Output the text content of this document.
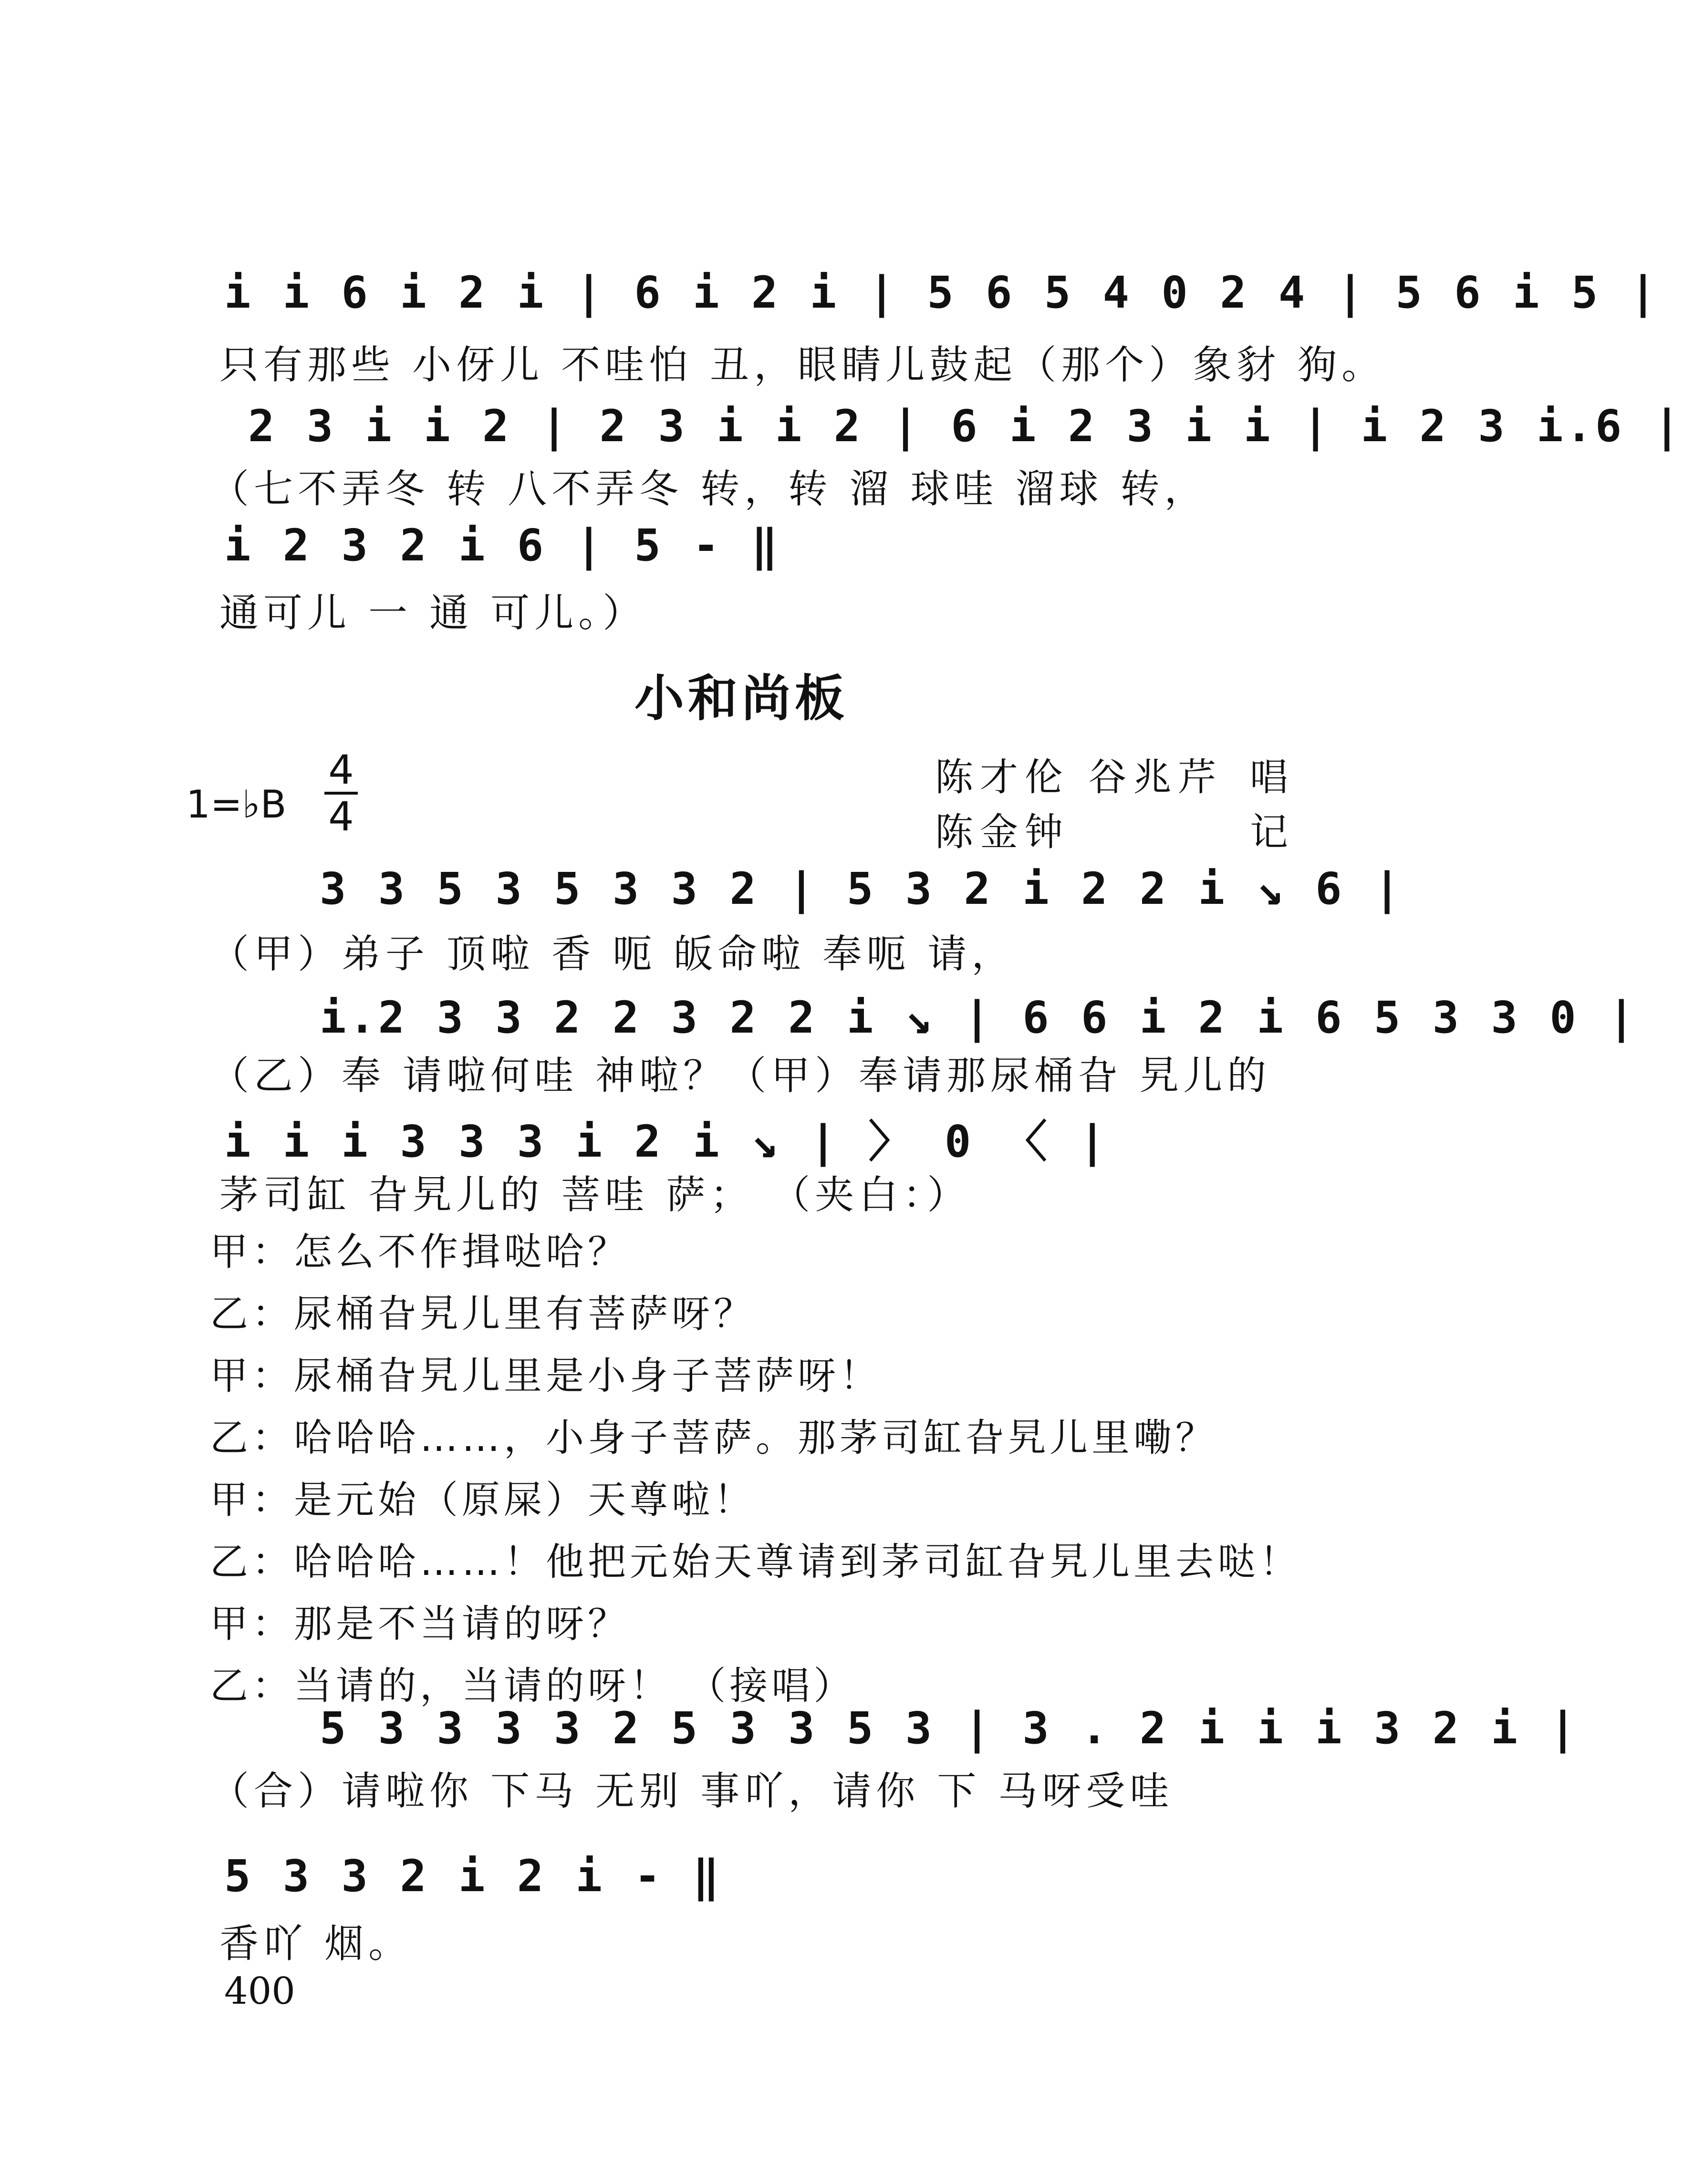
i i 6 i 2 i | 6 i 2 i | 5 6 5 4 0 2 4 | 5 6 i 5 |
只有那些 小伢儿 不哇怕 丑，眼睛儿鼓起（那个）象豺 狗。
2 3 i i 2 | 2 3 i i 2 | 6 i 2 3 i i | i 2 3 i.6 |
（七不弄冬 转 八不弄冬 转，转 溜 球哇 溜球 转，
i 2 3 2 i 6 | 5 - ‖
通可儿 一 通 可儿。）
小和尚板
1=♭B
4
4
陈才伦 谷兆芹 唱
陈金钟	记
3 3 5 3 5 3 3 2 | 5 3 2 i 2 2 i ↘ 6 |
（甲）弟子 顶啦 香 呃 皈命啦 奉呃 请，
i.2 3 3 2 2 3 2 2 i ↘ | 6 6 i 2 i 6 5 3 3 0 |
（乙）奉 请啦何哇 神啦？（甲）奉请那尿桶旮 旯儿的
i i i 3 3 3 i 2 i ↘ | 〉 0 〈 |
茅司缸 旮旯儿的 菩哇 萨； （夹白：）
甲：怎么不作揖哒哈？
乙：尿桶旮旯儿里有菩萨呀？
甲：尿桶旮旯儿里是小身子菩萨呀！
乙：哈哈哈……，小身子菩萨。那茅司缸旮旯儿里嘞？
甲：是元始（原屎）天尊啦！
乙：哈哈哈……！他把元始天尊请到茅司缸旮旯儿里去哒！
甲：那是不当请的呀？
乙：当请的，当请的呀！ （接唱）
5 3 3 3 3 2 5 3 3 5 3 | 3 . 2 i i i 3 2 i |
（合）请啦你 下马 无别 事吖，请你 下 马呀受哇
5 3 3 2 i 2 i - ‖
香吖 烟。
400
